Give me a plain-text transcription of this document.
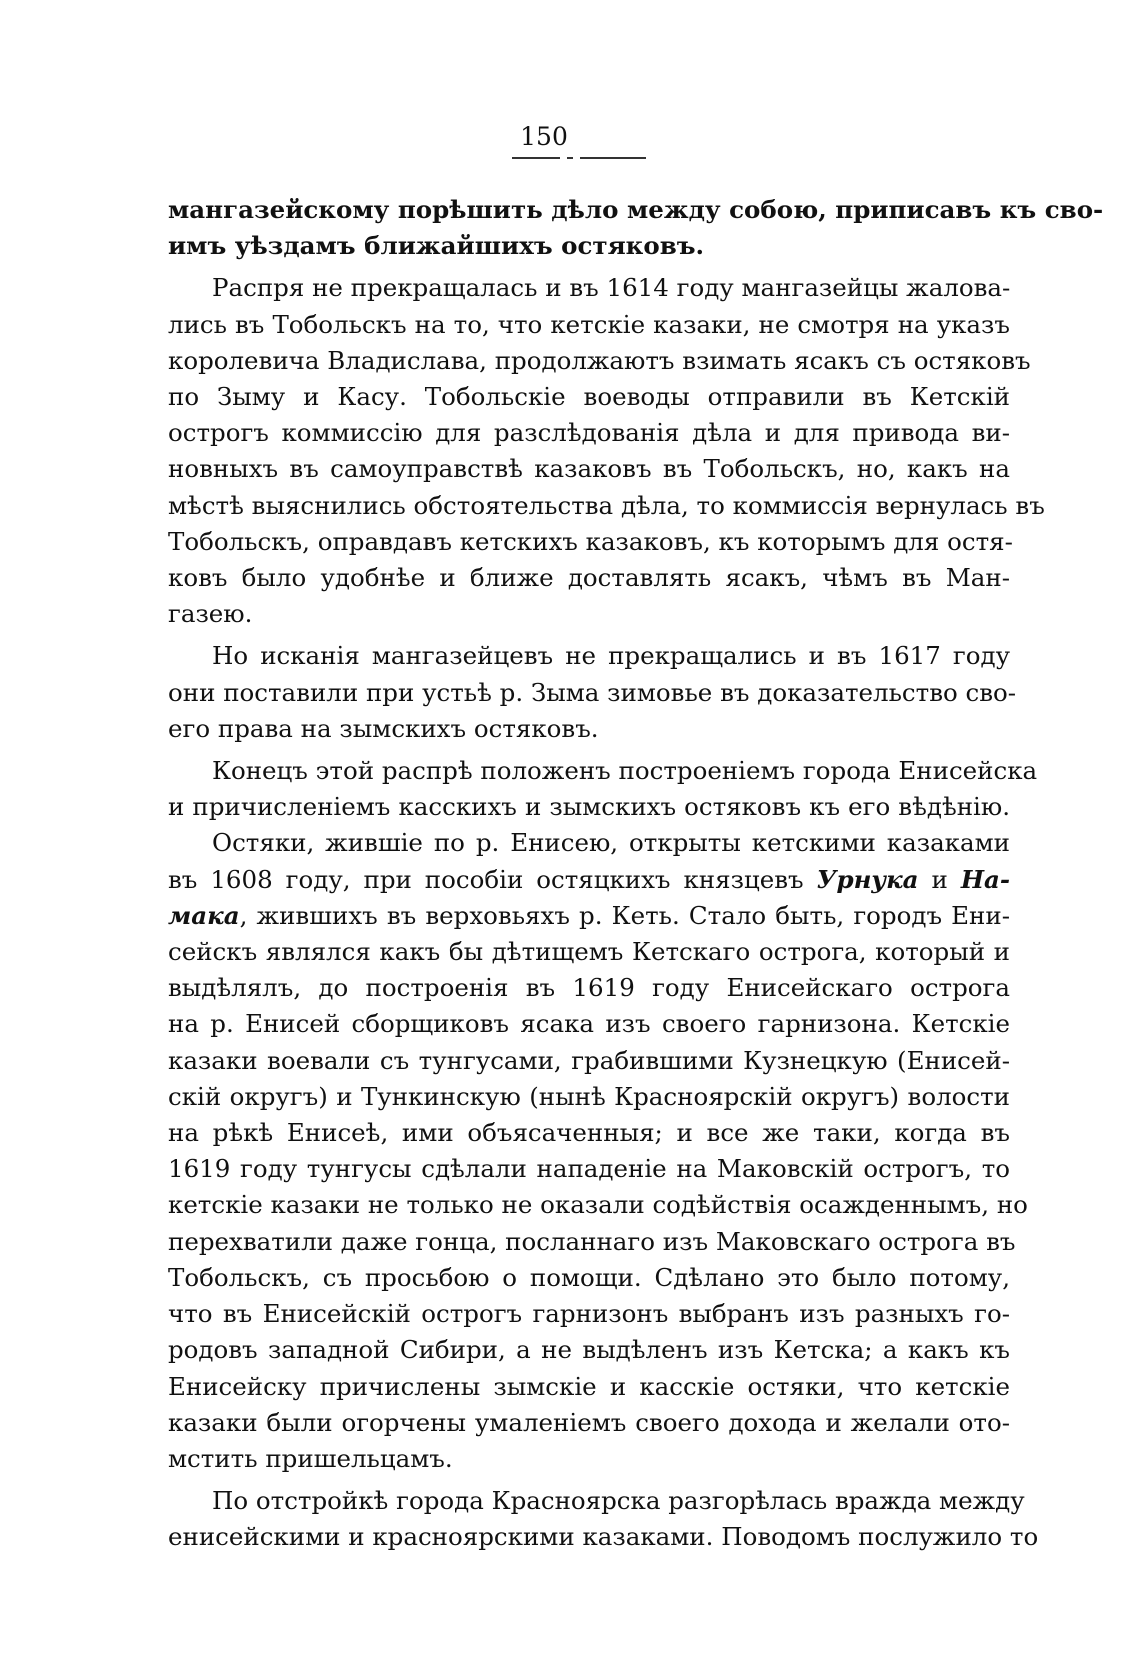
150
мангазейскому порѣшить дѣло между собою, приписавъ къ сво-
имъ уѣздамъ ближайшихъ остяковъ.
Распря не прекращалась и въ 1614 году мангазейцы жалова-
лись въ Тобольскъ на то, что кетскіе казаки, не смотря на указъ
королевича Владислава, продолжаютъ взимать ясакъ съ остяковъ
по Зыму и Касу. Тобольскіе воеводы отправили въ Кетскій
острогъ коммиссію для разслѣдованія дѣла и для привода ви-
новныхъ въ самоуправствѣ казаковъ въ Тобольскъ, но, какъ на
мѣстѣ выяснились обстоятельства дѣла, то коммиссія вернулась въ
Тобольскъ, оправдавъ кетскихъ казаковъ, къ которымъ для остя-
ковъ было удобнѣе и ближе доставлять ясакъ, чѣмъ въ Ман-
газею.
Но исканія мангазейцевъ не прекращались и въ 1617 году
они поставили при устьѣ р. Зыма зимовье въ доказательство сво-
его права на зымскихъ остяковъ.
Конецъ этой распрѣ положенъ построеніемъ города Енисейска
и причисленіемъ касскихъ и зымскихъ остяковъ къ его вѣдѣнію.
Остяки, жившіе по р. Енисею, открыты кетскими казаками
въ 1608 году, при пособіи остяцкихъ князцевъ Урнука и На-
мака, жившихъ въ верховьяхъ р. Кеть. Стало быть, городъ Ени-
сейскъ являлся какъ бы дѣтищемъ Кетскаго острога, который и
выдѣлялъ, до построенія въ 1619 году Енисейскаго острога
на р. Енисей сборщиковъ ясака изъ своего гарнизона. Кетскіе
казаки воевали съ тунгусами, грабившими Кузнецкую (Енисей-
скій округъ) и Тункинскую (нынѣ Красноярскій округъ) волости
на рѣкѣ Енисеѣ, ими объясаченныя; и все же таки, когда въ
1619 году тунгусы сдѣлали нападеніе на Маковскій острогъ, то
кетскіе казаки не только не оказали содѣйствія осажденнымъ, но
перехватили даже гонца, посланнаго изъ Маковскаго острога въ
Тобольскъ, съ просьбою о помощи. Сдѣлано это было потому,
что въ Енисейскій острогъ гарнизонъ выбранъ изъ разныхъ го-
родовъ западной Сибири, а не выдѣленъ изъ Кетска; а какъ къ
Енисейску причислены зымскіе и касскіе остяки, что кетскіе
казаки были огорчены умаленіемъ своего дохода и желали ото-
мстить пришельцамъ.
По отстройкѣ города Красноярска разгорѣлась вражда между
енисейскими и красноярскими казаками. Поводомъ послужило то
